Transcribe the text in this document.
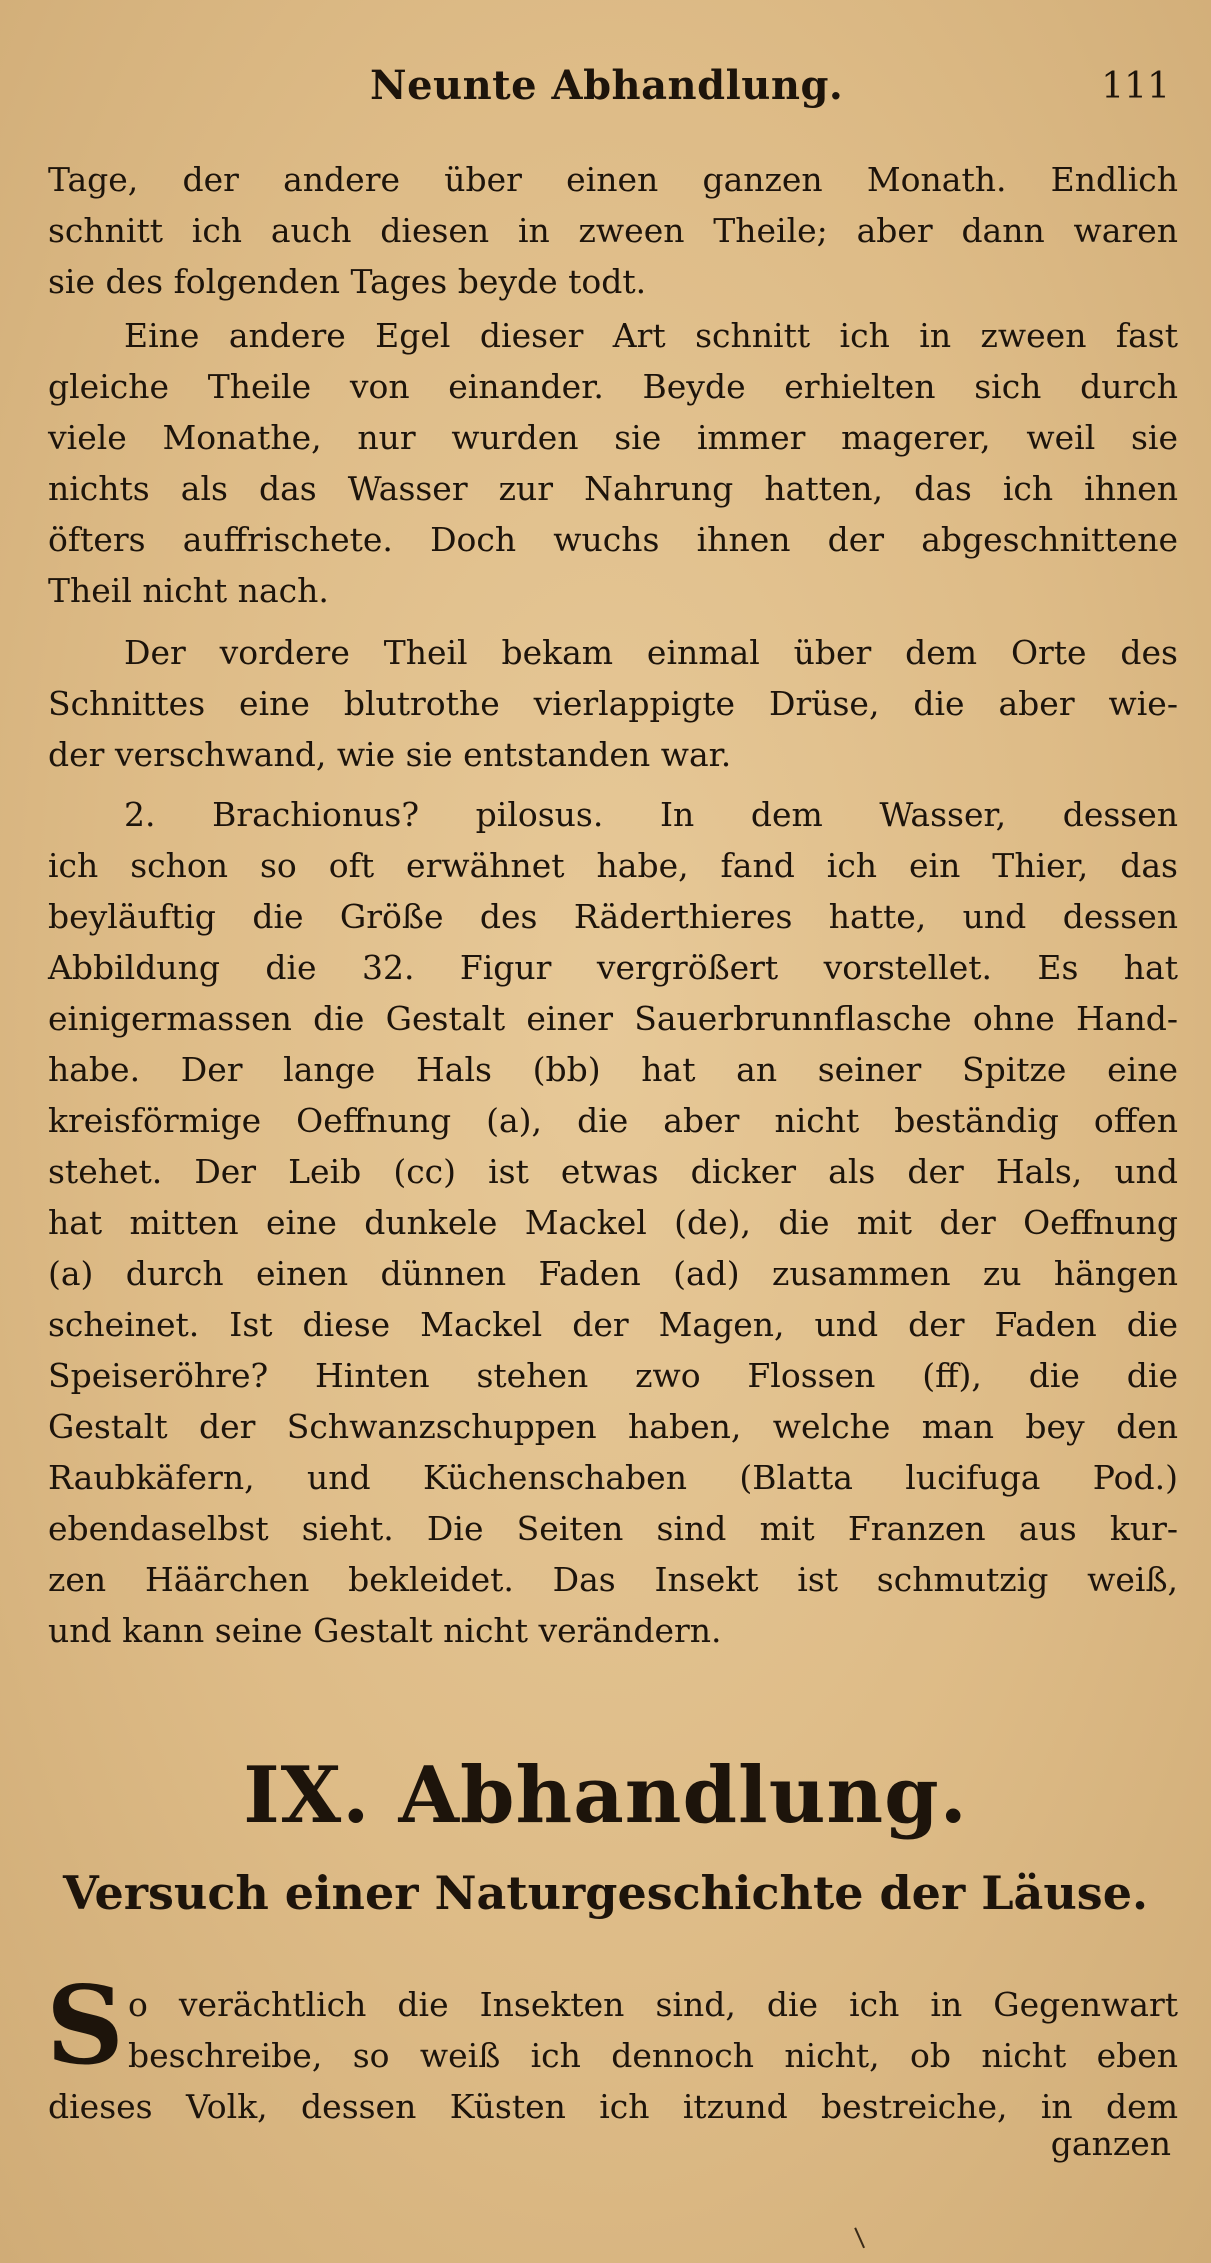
Neunte Abhandlung.	111
Tage, der andere über einen ganzen Monath. Endlich
schnitt ich auch diesen in zween Theile; aber dann waren
sie des folgenden Tages beyde todt.
Eine andere Egel dieser Art schnitt ich in zween fast
gleiche Theile von einander. Beyde erhielten sich durch
viele Monathe, nur wurden sie immer magerer, weil sie
nichts als das Wasser zur Nahrung hatten, das ich ihnen
öfters auffrischete. Doch wuchs ihnen der abgeschnittene
Theil nicht nach.
Der vordere Theil bekam einmal über dem Orte des
Schnittes eine blutrothe vierlappigte Drüse, die aber wie-
der verschwand, wie sie entstanden war.
2. Brachionus? pilosus. In dem Wasser, dessen
ich schon so oft erwähnet habe, fand ich ein Thier, das
beyläuftig die Größe des Räderthieres hatte, und dessen
Abbildung die 32. Figur vergrößert vorstellet. Es hat
einigermassen die Gestalt einer Sauerbrunnflasche ohne Hand-
habe. Der lange Hals (bb) hat an seiner Spitze eine
kreisförmige Oeffnung (a), die aber nicht beständig offen
stehet. Der Leib (cc) ist etwas dicker als der Hals, und
hat mitten eine dunkele Mackel (de), die mit der Oeffnung
(a) durch einen dünnen Faden (ad) zusammen zu hängen
scheinet. Ist diese Mackel der Magen, und der Faden die
Speiseröhre? Hinten stehen zwo Flossen (ff), die die
Gestalt der Schwanzschuppen haben, welche man bey den
Raubkäfern, und Küchenschaben (Blatta lucifuga Pod.)
ebendaselbst sieht. Die Seiten sind mit Franzen aus kur-
zen Häärchen bekleidet. Das Insekt ist schmutzig weiß,
und kann seine Gestalt nicht verändern.
IX. Abhandlung.
Versuch einer Naturgeschichte der Läuse.
S o verächtlich die Insekten sind, die ich in Gegenwart
beschreibe, so weiß ich dennoch nicht, ob nicht eben
dieses Volk, dessen Küsten ich itzund bestreiche, in dem
ganzen
